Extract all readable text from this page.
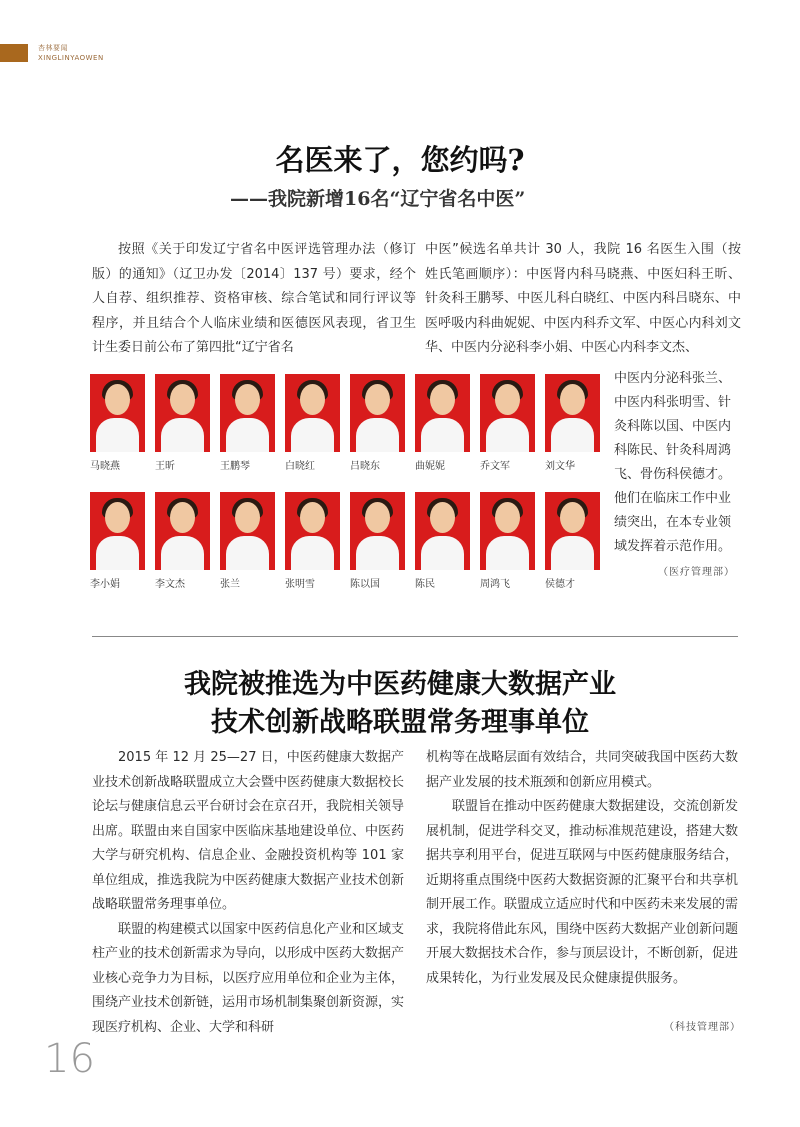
杏林要闻
XINGLINYAOWEN
名医来了，您约吗?
——我院新增16名“辽宁省名中医”

按照《关于印发辽宁省名中医评选管理办法（修订版）的通知》（辽卫办发〔2014〕137 号）要求，经个人自荐、组织推荐、资格审核、综合笔试和同行评议等程序，并且结合个人临床业绩和医德医风表现，省卫生计生委日前公布了第四批“辽宁省名

中医”候选名单共计 30 人，我院 16 名医生入围（按姓氏笔画顺序）：中医肾内科马晓燕、中医妇科王昕、针灸科王鹏琴、中医儿科白晓红、中医内科吕晓东、中医呼吸内科曲妮妮、中医内科乔文军、中医心内科刘文华、中医内分泌科李小娟、中医心内科李文杰、

马晓燕	王昕	王鹏琴	白晓红	吕晓东	曲妮妮	乔文军	刘文华
李小娟	李文杰	张兰	张明雪	陈以国	陈民	周鸿飞	侯德才
中医内分泌科张兰、
中医内科张明雪、针
灸科陈以国、中医内
科陈民、针灸科周鸿
飞、骨伤科侯德才。
他们在临床工作中业
绩突出，在本专业领
域发挥着示范作用。
（医疗管理部）
我院被推选为中医药健康大数据产业
技术创新战略联盟常务理事单位

2015 年 12 月 25—27 日，中医药健康大数据产业技术创新战略联盟成立大会暨中医药健康大数据校长论坛与健康信息云平台研讨会在京召开，我院相关领导出席。联盟由来自国家中医临床基地建设单位、中医药大学与研究机构、信息企业、金融投资机构等 101 家单位组成，推选我院为中医药健康大数据产业技术创新战略联盟常务理事单位。

联盟的构建模式以国家中医药信息化产业和区域支柱产业的技术创新需求为导向，以形成中医药大数据产业核心竞争力为目标，以医疗应用单位和企业为主体，围绕产业技术创新链，运用市场机制集聚创新资源，实现医疗机构、企业、大学和科研

机构等在战略层面有效结合，共同突破我国中医药大数据产业发展的技术瓶颈和创新应用模式。

联盟旨在推动中医药健康大数据建设，交流创新发展机制，促进学科交叉，推动标准规范建设，搭建大数据共享利用平台，促进互联网与中医药健康服务结合，近期将重点围绕中医药大数据资源的汇聚平台和共享机制开展工作。联盟成立适应时代和中医药未来发展的需求，我院将借此东风，围绕中医药大数据产业创新问题开展大数据技术合作，参与顶层设计，不断创新，促进成果转化，为行业发展及民众健康提供服务。

（科技管理部）
16
